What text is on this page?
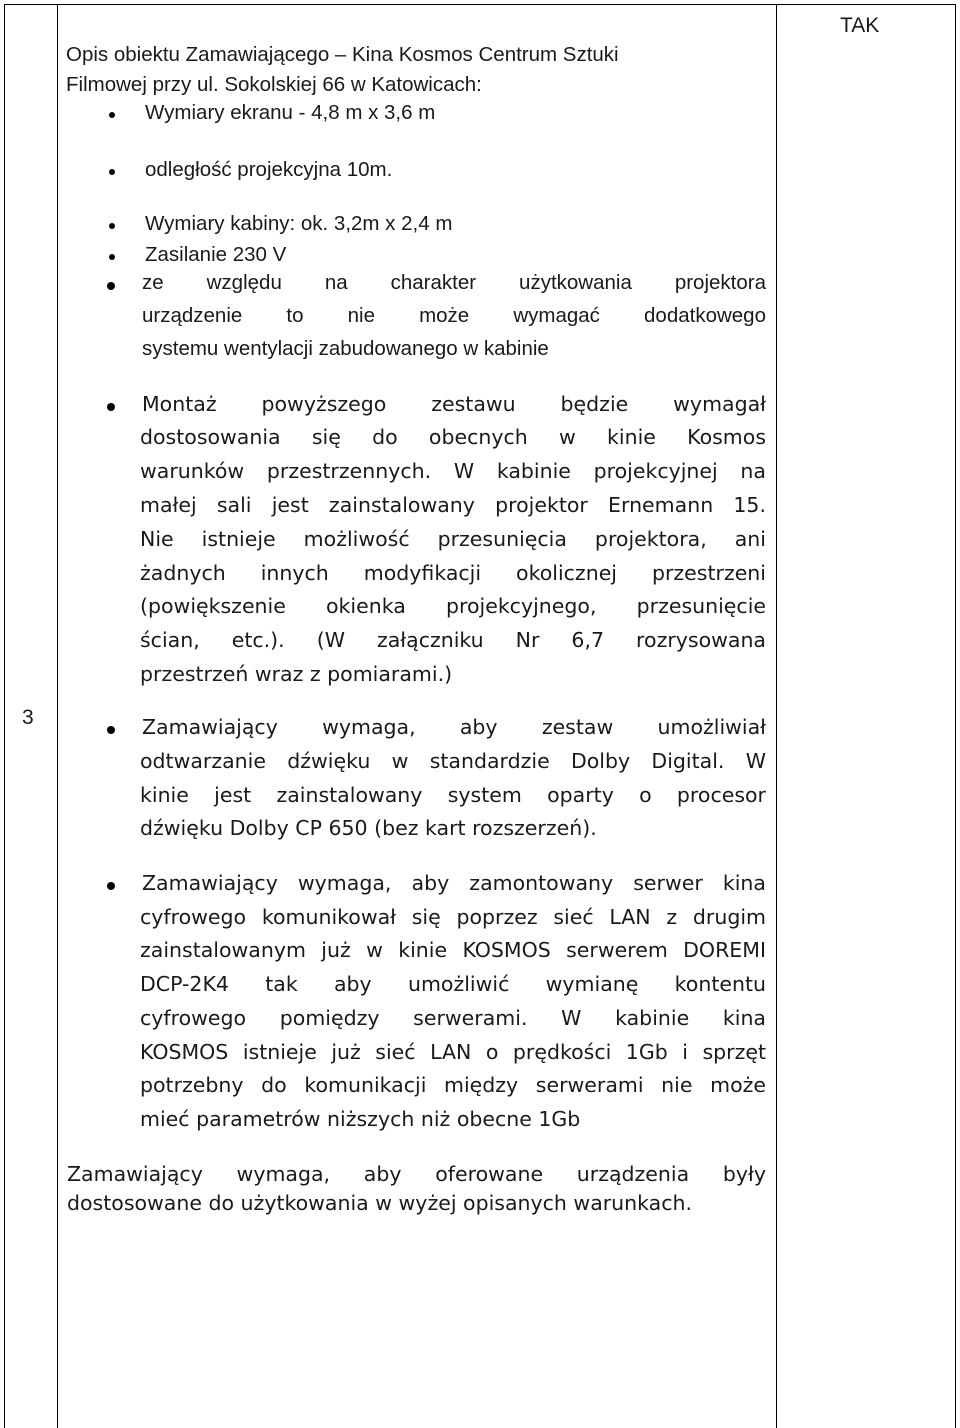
3
TAK
Opis obiektu Zamawiającego – Kina Kosmos Centrum Sztuki
Filmowej przy ul. Sokolskiej 66 w Katowicach:
Wymiary ekranu - 4,8 m x 3,6 m
odległość projekcyjna 10m.
Wymiary kabiny: ok. 3,2m x 2,4 m
Zasilanie 230 V
ze względu na charakter użytkowania projektora
urządzenie to nie może wymagać dodatkowego
systemu wentylacji zabudowanego w kabinie
Montaż powyższego zestawu będzie wymagał
dostosowania się do obecnych w kinie Kosmos
warunków przestrzennych. W kabinie projekcyjnej na
małej sali jest zainstalowany projektor Ernemann 15.
Nie istnieje możliwość przesunięcia projektora, ani
żadnych innych modyfikacji okolicznej przestrzeni
(powiększenie okienka projekcyjnego, przesunięcie
ścian, etc.). (W załączniku Nr 6,7 rozrysowana
przestrzeń wraz z pomiarami.)
Zamawiający wymaga, aby zestaw umożliwiał
odtwarzanie dźwięku w standardzie Dolby Digital. W
kinie jest zainstalowany system oparty o procesor
dźwięku Dolby CP 650 (bez kart rozszerzeń).
Zamawiający wymaga, aby zamontowany serwer kina
cyfrowego komunikował się poprzez sieć LAN z drugim
zainstalowanym już w kinie KOSMOS serwerem DOREMI
DCP-2K4 tak aby umożliwić wymianę kontentu
cyfrowego pomiędzy serwerami. W kabinie kina
KOSMOS istnieje już sieć LAN o prędkości 1Gb i sprzęt
potrzebny do komunikacji między serwerami nie może
mieć parametrów niższych niż obecne 1Gb
Zamawiający wymaga, aby oferowane urządzenia były
dostosowane do użytkowania w wyżej opisanych warunkach.
